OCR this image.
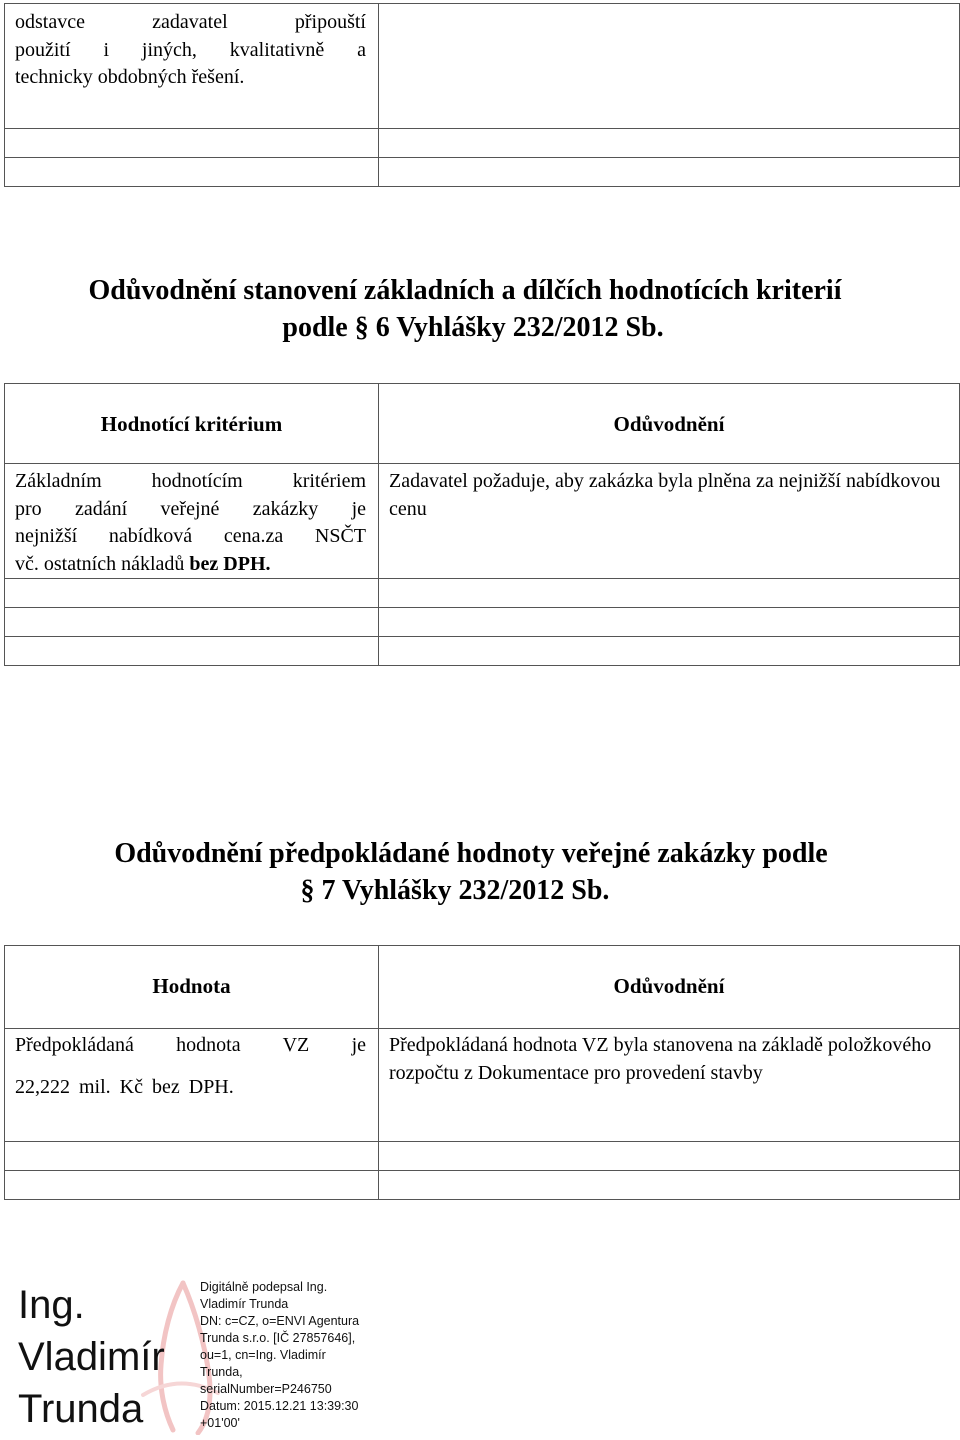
odstavce zadavatel připouští
použití i jiných, kvalitativně a
technicky obdobných řešení.	

Odůvodnění stanovení základních a dílčích hodnotících kriterií
podle § 6 Vyhlášky 232/2012 Sb.
Hodnotící kritérium	Odůvodnění

Základním hodnotícím kritériem
pro zadání veřejné zakázky je
nejnižší nabídková cena.za NSČT
vč. ostatních nákladů bez DPH.	Zadavatel požaduje, aby zakázka byla plněna za nejnižší nabídkovou cenu

Odůvodnění předpokládané hodnoty veřejné zakázky podle
§ 7 Vyhlášky 232/2012 Sb.
Hodnota	Odůvodnění

Předpokládaná hodnota VZ je
22,222 mil. Kč bez DPH.	Předpokládaná hodnota VZ byla stanovena na základě položkového rozpočtu z Dokumentace pro provedení stavby

Ing.
Vladimír
Trunda
Digitálně podepsal Ing.
Vladimír Trunda
DN: c=CZ, o=ENVI Agentura
Trunda s.r.o. [IČ 27857646],
ou=1, cn=Ing. Vladimír
Trunda,
serialNumber=P246750
Datum: 2015.12.21 13:39:30
+01'00'
